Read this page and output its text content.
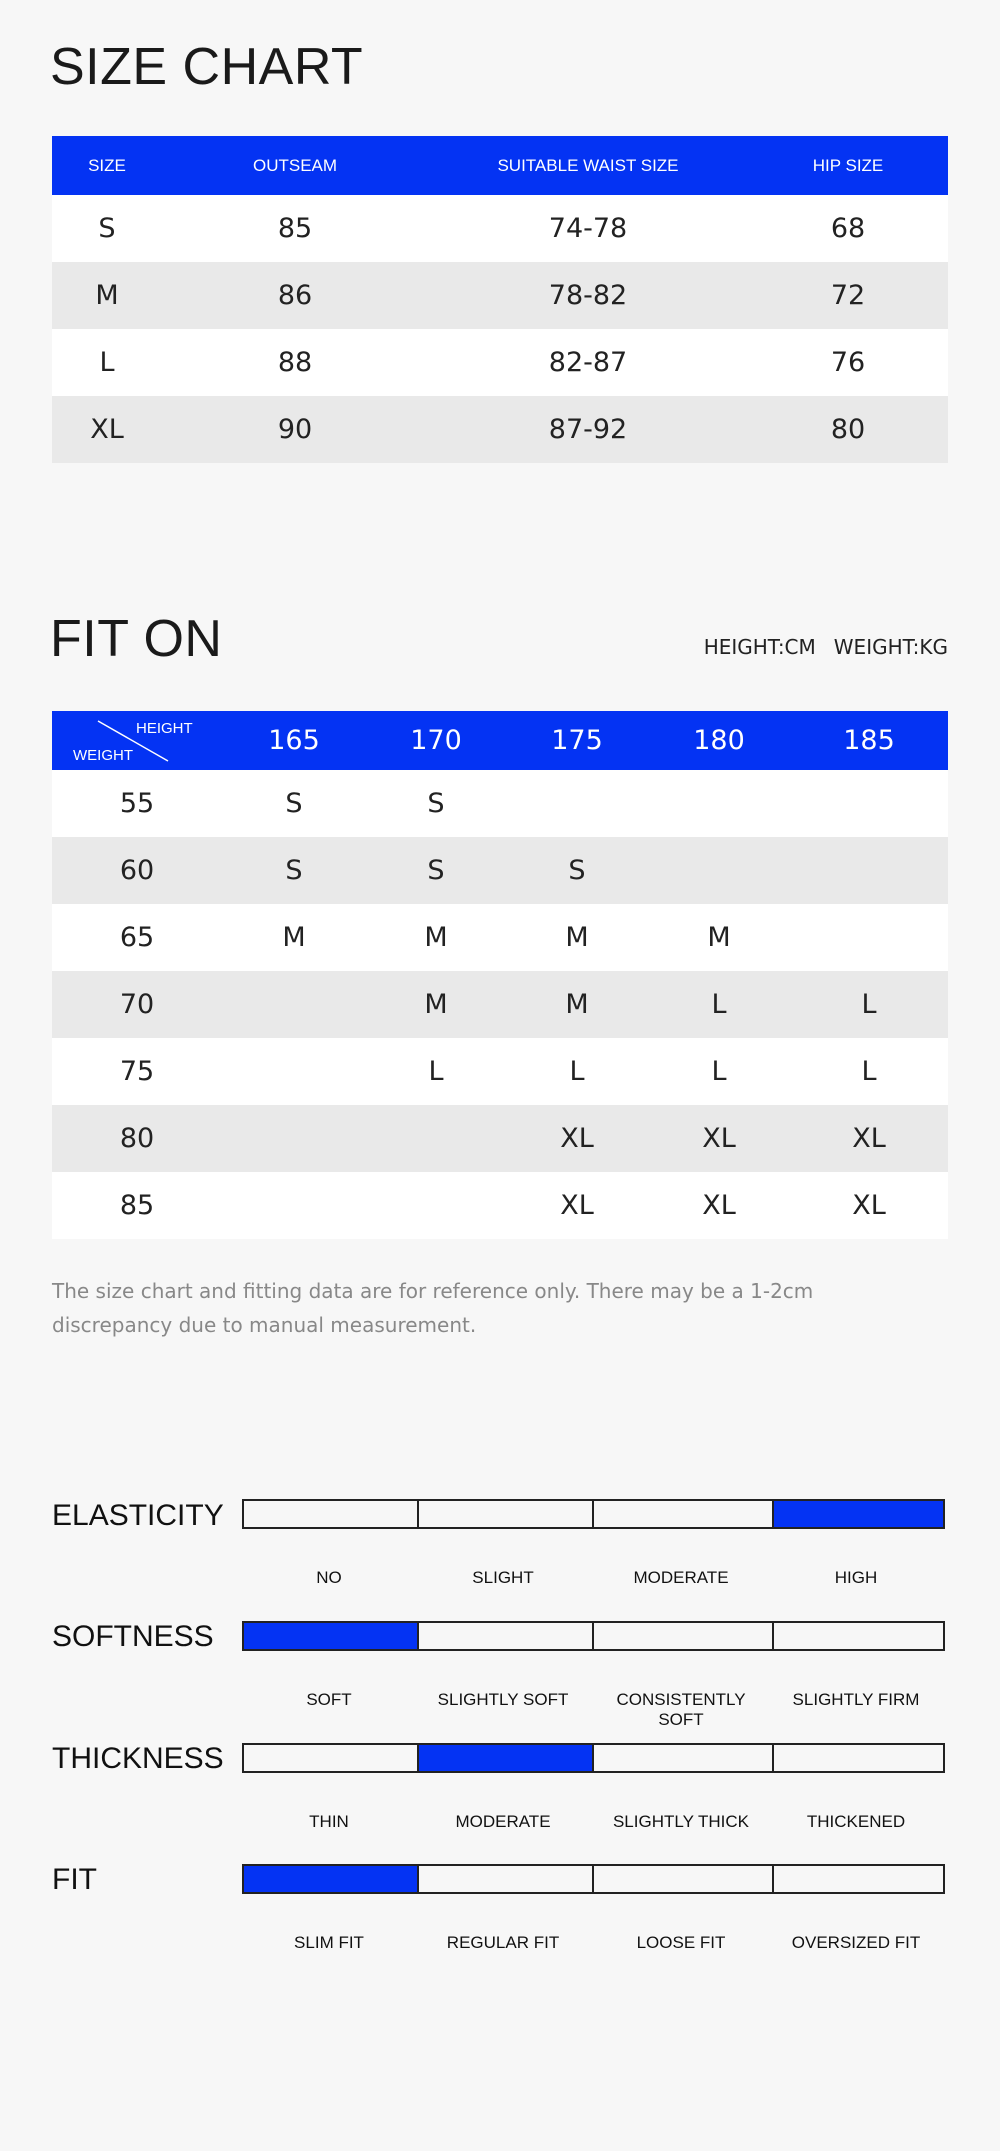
SIZE CHART
SIZE	OUTSEAM	SUITABLE WAIST SIZE	HIP SIZE
S	85	74-78	68
M	86	78-82	72
L	88	82-87	76
XL	90	87-92	80
FIT ON	HEIGHT:CM WEIGHT:KG
HEIGHT
WEIGHT	165	170	175	180	185
55	S	S			
60	S	S	S		
65	M	M	M	M	
70		M	M	L	L
75		L	L	L	L
80			XL	XL	XL
85			XL	XL	XL

The size chart and fitting data are for reference only. There may be a 1-2cm discrepancy due to manual measurement.

ELASTICITY
NO	SLIGHT	MODERATE	HIGH
SOFTNESS
SOFT	SLIGHTLY SOFT	CONSISTENTLY SOFT
SLIGHTLY FIRM
THICKNESS
THIN	MODERATE	SLIGHTLY THICK	THICKENED
FIT
SLIM FIT	REGULAR FIT	LOOSE FIT	OVERSIZED FIT
